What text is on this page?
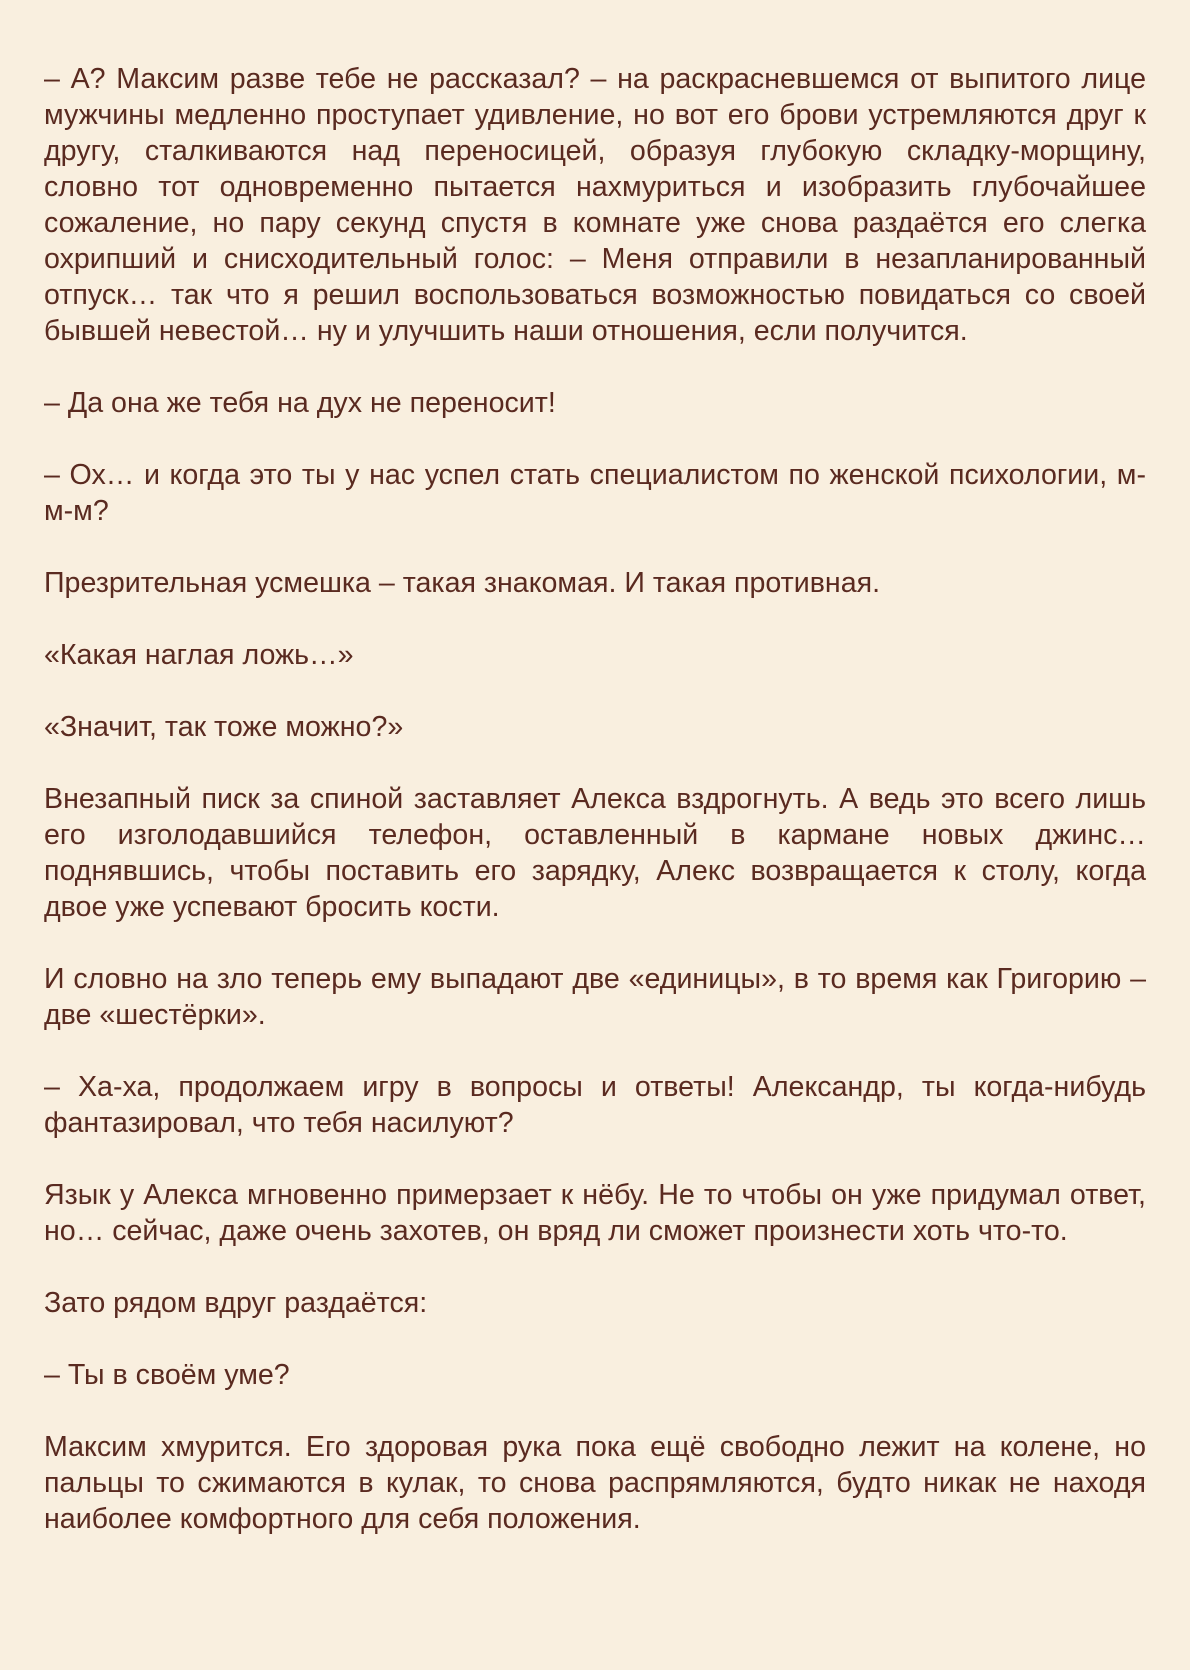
– А? Максим разве тебе не рассказал? – на раскрасневшемся от выпитого лице мужчины медленно проступает удивление, но вот его брови устремляются друг к другу, сталкиваются над переносицей, образуя глубокую складку-морщину, словно тот одновременно пытается нахмуриться и изобразить глубочайшее сожаление, но пару секунд спустя в комнате уже снова раздаётся его слегка охрипший и снисходительный голос: – Меня отправили в незапланированный отпуск… так что я решил воспользоваться возможностью повидаться со своей бывшей невестой… ну и улучшить наши отношения, если получится.

– Да она же тебя на дух не переносит!

– Ох… и когда это ты у нас успел стать специалистом по женской психологии, м-м-м?

Презрительная усмешка – такая знакомая. И такая противная.

«Какая наглая ложь…»

«Значит, так тоже можно?»

Внезапный писк за спиной заставляет Алекса вздрогнуть. А ведь это всего лишь его изголодавшийся телефон, оставленный в кармане новых джинс… поднявшись, чтобы поставить его зарядку, Алекс возвращается к столу, когда двое уже успевают бросить кости.

И словно на зло теперь ему выпадают две «единицы», в то время как Григорию – две «шестёрки».

– Ха-ха, продолжаем игру в вопросы и ответы! Александр, ты когда-нибудь фантазировал, что тебя насилуют?

Язык у Алекса мгновенно примерзает к нёбу. Не то чтобы он уже придумал ответ, но… сейчас, даже очень захотев, он вряд ли сможет произнести хоть что-то.

Зато рядом вдруг раздаётся:

– Ты в своём уме?

Максим хмурится. Его здоровая рука пока ещё свободно лежит на колене, но пальцы то сжимаются в кулак, то снова распрямляются, будто никак не находя наиболее комфортного для себя положения.
